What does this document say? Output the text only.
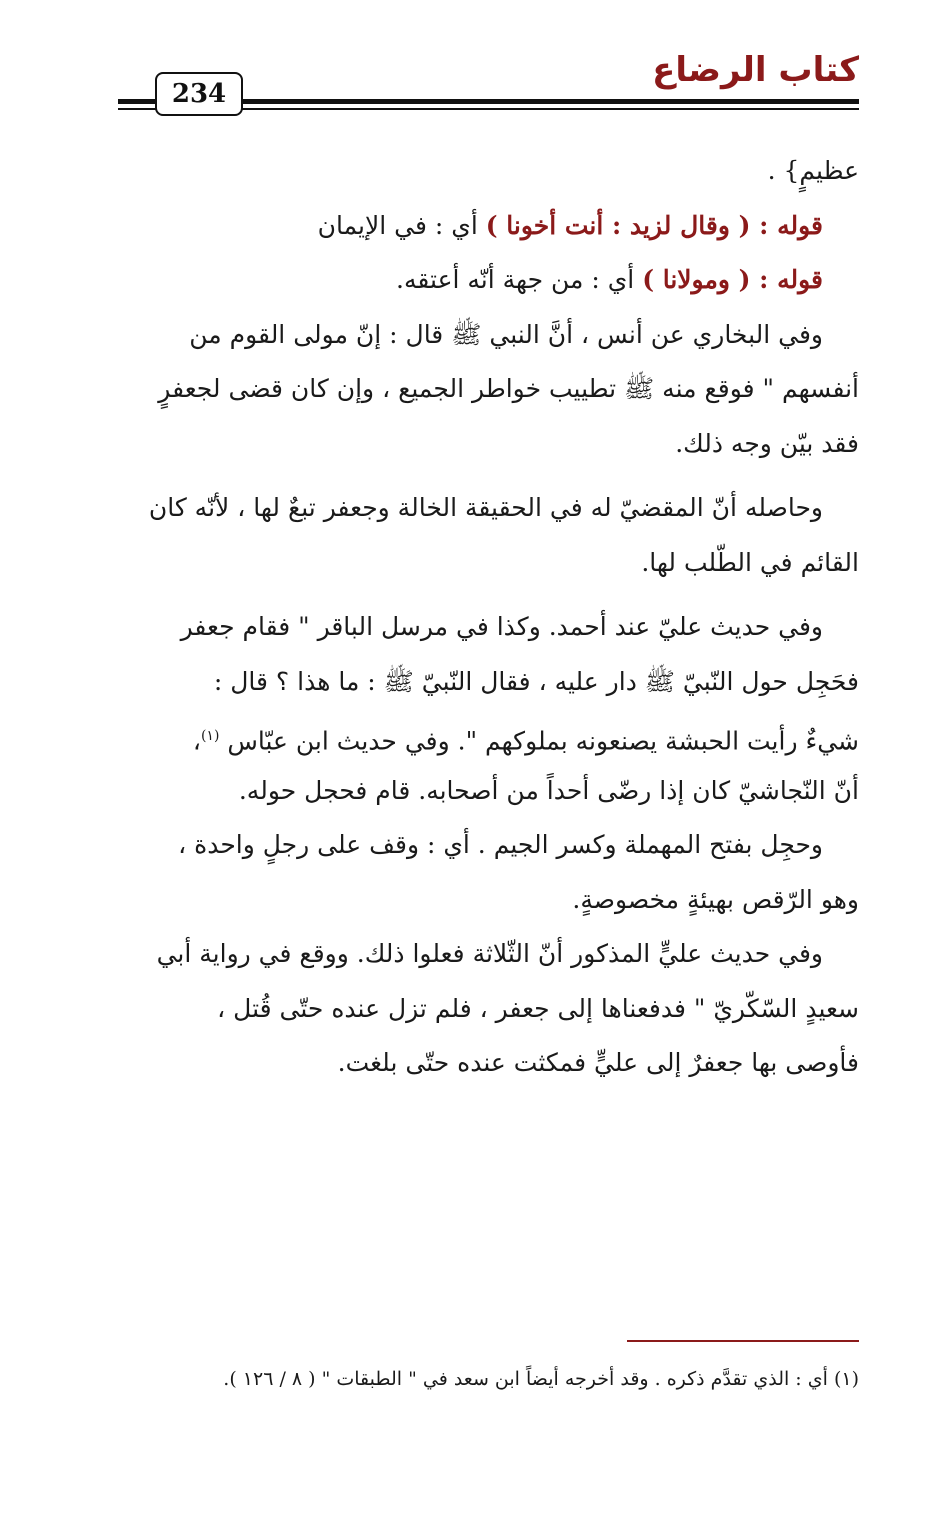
كتاب الرضاع
234
عظيمٍ} .
قوله : ( وقال لزيد : أنت أخونا ) أي : في الإيمان
قوله : ( ومولانا ) أي : من جهة أنّه أعتقه.
وفي البخاري عن أنس ، أنَّ النبي ﷺ قال : إنّ مولى القوم من
أنفسهم " فوقع منه ﷺ تطييب خواطر الجميع ، وإن كان قضى لجعفرٍ
فقد بيّن وجه ذلك.
وحاصله أنّ المقضيّ له في الحقيقة الخالة وجعفر تبعٌ لها ، لأنّه كان
القائم في الطّلب لها.
وفي حديث عليّ عند أحمد. وكذا في مرسل الباقر " فقام جعفر
فحَجِل حول النّبيّ ﷺ دار عليه ، فقال النّبيّ ﷺ : ما هذا ؟ قال :
شيءٌ رأيت الحبشة يصنعونه بملوكهم ". وفي حديث ابن عبّاس $^{(١)}$،
أنّ النّجاشيّ كان إذا رضّى أحداً من أصحابه. قام فحجل حوله.
وحجِل بفتح المهملة وكسر الجيم . أي : وقف على رجلٍ واحدة ،
وهو الرّقص بهيئةٍ مخصوصةٍ.
وفي حديث عليٍّ المذكور أنّ الثّلاثة فعلوا ذلك. ووقع في رواية أبي
سعيدٍ السّكّريّ " فدفعناها إلى جعفر ، فلم تزل عنده حتّى قُتل ،
فأوصى بها جعفرٌ إلى عليٍّ فمكثت عنده حتّى بلغت.
(١) أي : الذي تقدَّم ذكره . وقد أخرجه أيضاً ابن سعد في " الطبقات " ( ٨ / ١٢٦ ).
